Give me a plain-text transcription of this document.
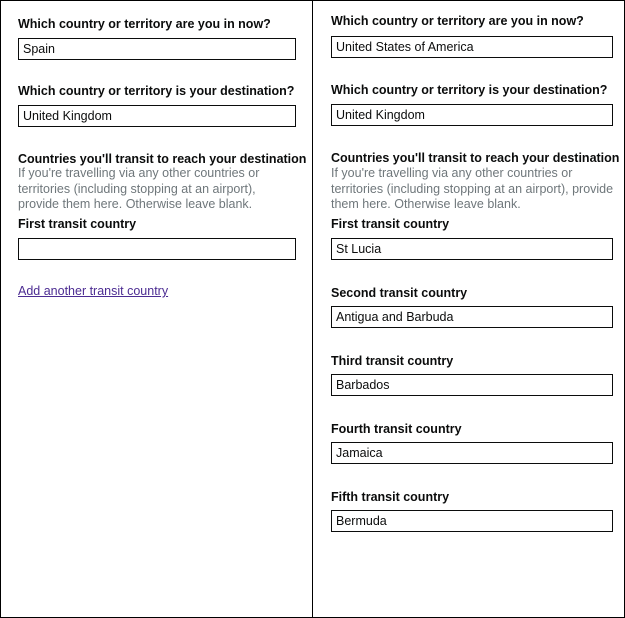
Which country or territory are you in now?
Spain
Which country or territory is your destination?
United Kingdom
Countries you'll transit to reach your destination
If you're travelling via any other countries or territories (including stopping at an airport), provide them here. Otherwise leave blank.
First transit country
Add another transit country
Which country or territory are you in now?
United States of America
Which country or territory is your destination?
United Kingdom
Countries you'll transit to reach your destination
If you're travelling via any other countries or territories (including stopping at an airport), provide them here. Otherwise leave blank.
First transit country
St Lucia
Second transit country
Antigua and Barbuda
Third transit country
Barbados
Fourth transit country
Jamaica
Fifth transit country
Bermuda
